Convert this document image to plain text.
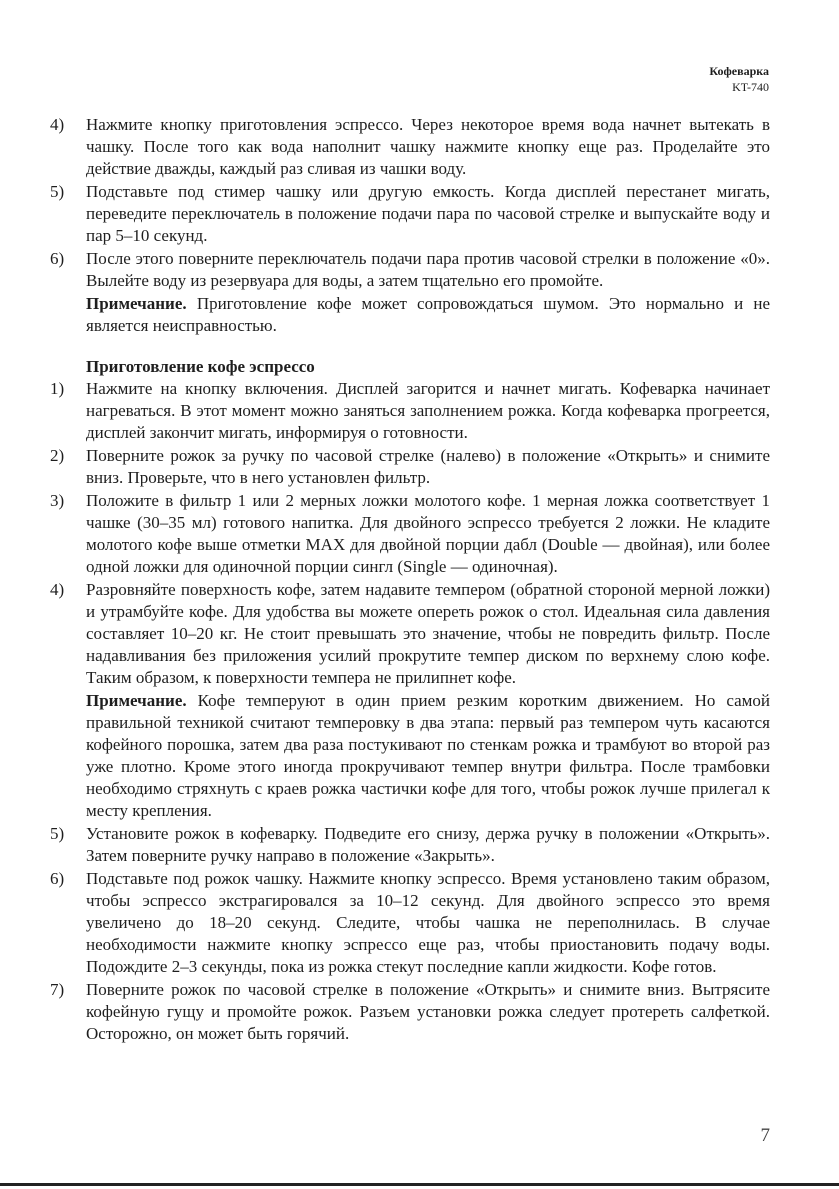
Кофеварка
KT-740
4)	Нажмите кнопку приготовления эспрессо. Через некоторое время вода начнет вытекать в чашку. После того как вода наполнит чашку нажмите кнопку еще раз. Проделайте это действие дважды, каждый раз сливая из чашки воду.
5)	Подставьте под стимер чашку или другую емкость. Когда дисплей перестанет мигать, переведите переключатель в положение подачи пара по часовой стрелке и выпускайте воду и пар 5–10 секунд.
6)	После этого поверните переключатель подачи пара против часовой стрелки в положение «0». Вылейте воду из резервуара для воды, а затем тщательно его промойте.
Примечание. Приготовление кофе может сопровождаться шумом. Это нормально и не является неисправностью.
Приготовление кофе эспрессо
1)	Нажмите на кнопку включения. Дисплей загорится и начнет мигать. Кофеварка начинает нагреваться. В этот момент можно заняться заполнением рожка. Когда кофеварка прогреется, дисплей закончит мигать, информируя о готовности.
2)	Поверните рожок за ручку по часовой стрелке (налево) в положение «Открыть» и снимите вниз. Проверьте, что в него установлен фильтр.
3)	Положите в фильтр 1 или 2 мерных ложки молотого кофе. 1 мерная ложка соответствует 1 чашке (30–35 мл) готового напитка. Для двойного эспрессо требуется 2 ложки. Не кладите молотого кофе выше отметки MAX для двойной порции дабл (Double — двойная), или более одной ложки для одиночной порции сингл (Single — одиночная).
4)	Разровняйте поверхность кофе, затем надавите темпером (обратной стороной мерной ложки) и утрамбуйте кофе. Для удобства вы можете опереть рожок о стол. Идеальная сила давления составляет 10–20 кг. Не стоит превышать это значение, чтобы не повредить фильтр. После надавливания без приложения усилий прокрутите темпер диском по верхнему слою кофе. Таким образом, к поверхности темпера не прилипнет кофе.
Примечание. Кофе темперуют в один прием резким коротким движением. Но самой правильной техникой считают темперовку в два этапа: первый раз темпером чуть касаются кофейного порошка, затем два раза постукивают по стенкам рожка и трамбуют во второй раз уже плотно. Кроме этого иногда прокручивают темпер внутри фильтра. После трамбовки необходимо стряхнуть с краев рожка частички кофе для того, чтобы рожок лучше прилегал к месту крепления.
5)	Установите рожок в кофеварку. Подведите его снизу, держа ручку в положении «Открыть». Затем поверните ручку направо в положение «Закрыть».
6)	Подставьте под рожок чашку. Нажмите кнопку эспрессо. Время установлено таким образом, чтобы эспрессо экстрагировался за 10–12 секунд. Для двойного эспрессо это время увеличено до 18–20 секунд. Следите, чтобы чашка не переполнилась. В случае необходимости нажмите кнопку эспрессо еще раз, чтобы приостановить подачу воды. Подождите 2–3 секунды, пока из рожка стекут последние капли жидкости. Кофе готов.
7)	Поверните рожок по часовой стрелке в положение «Открыть» и снимите вниз. Вытрясите кофейную гущу и промойте рожок. Разъем установки рожка следует протереть салфеткой. Осторожно, он может быть горячий.
7
